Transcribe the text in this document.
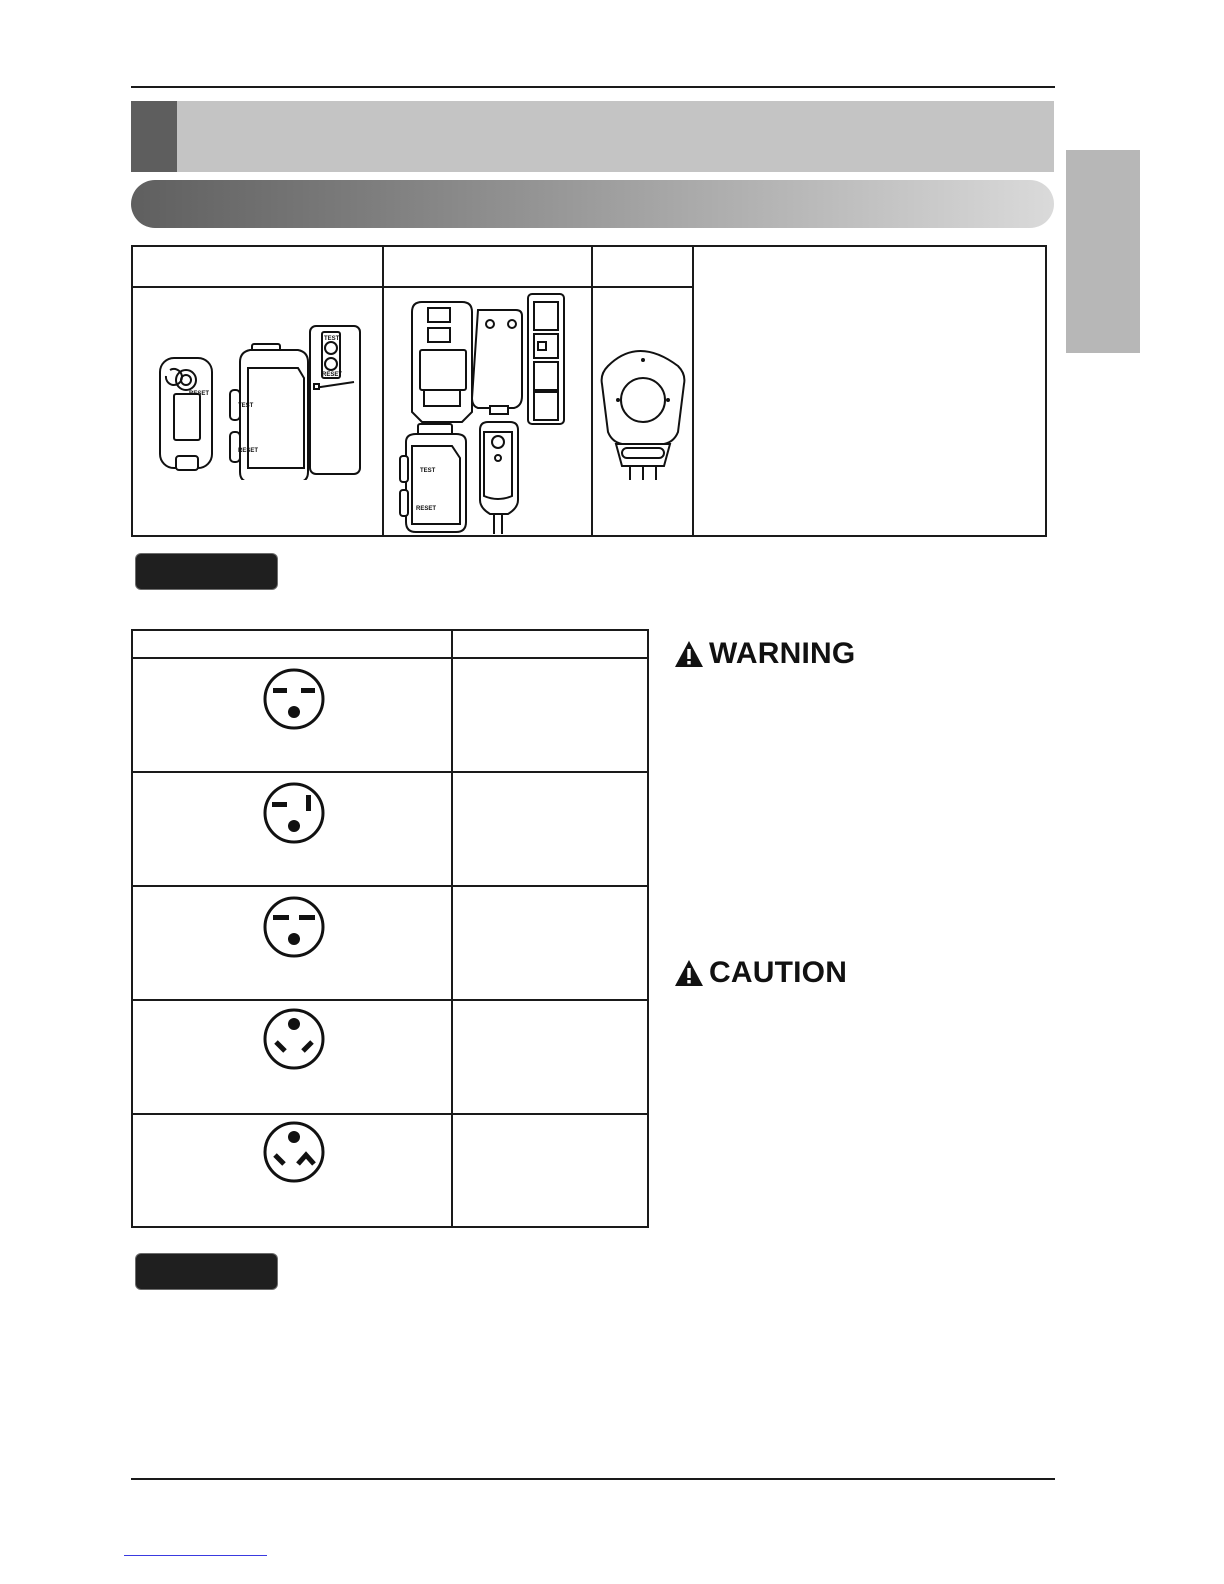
RESET
TEST
RESET
TEST
RESET
TEST
RESET
WARNING
CAUTION
